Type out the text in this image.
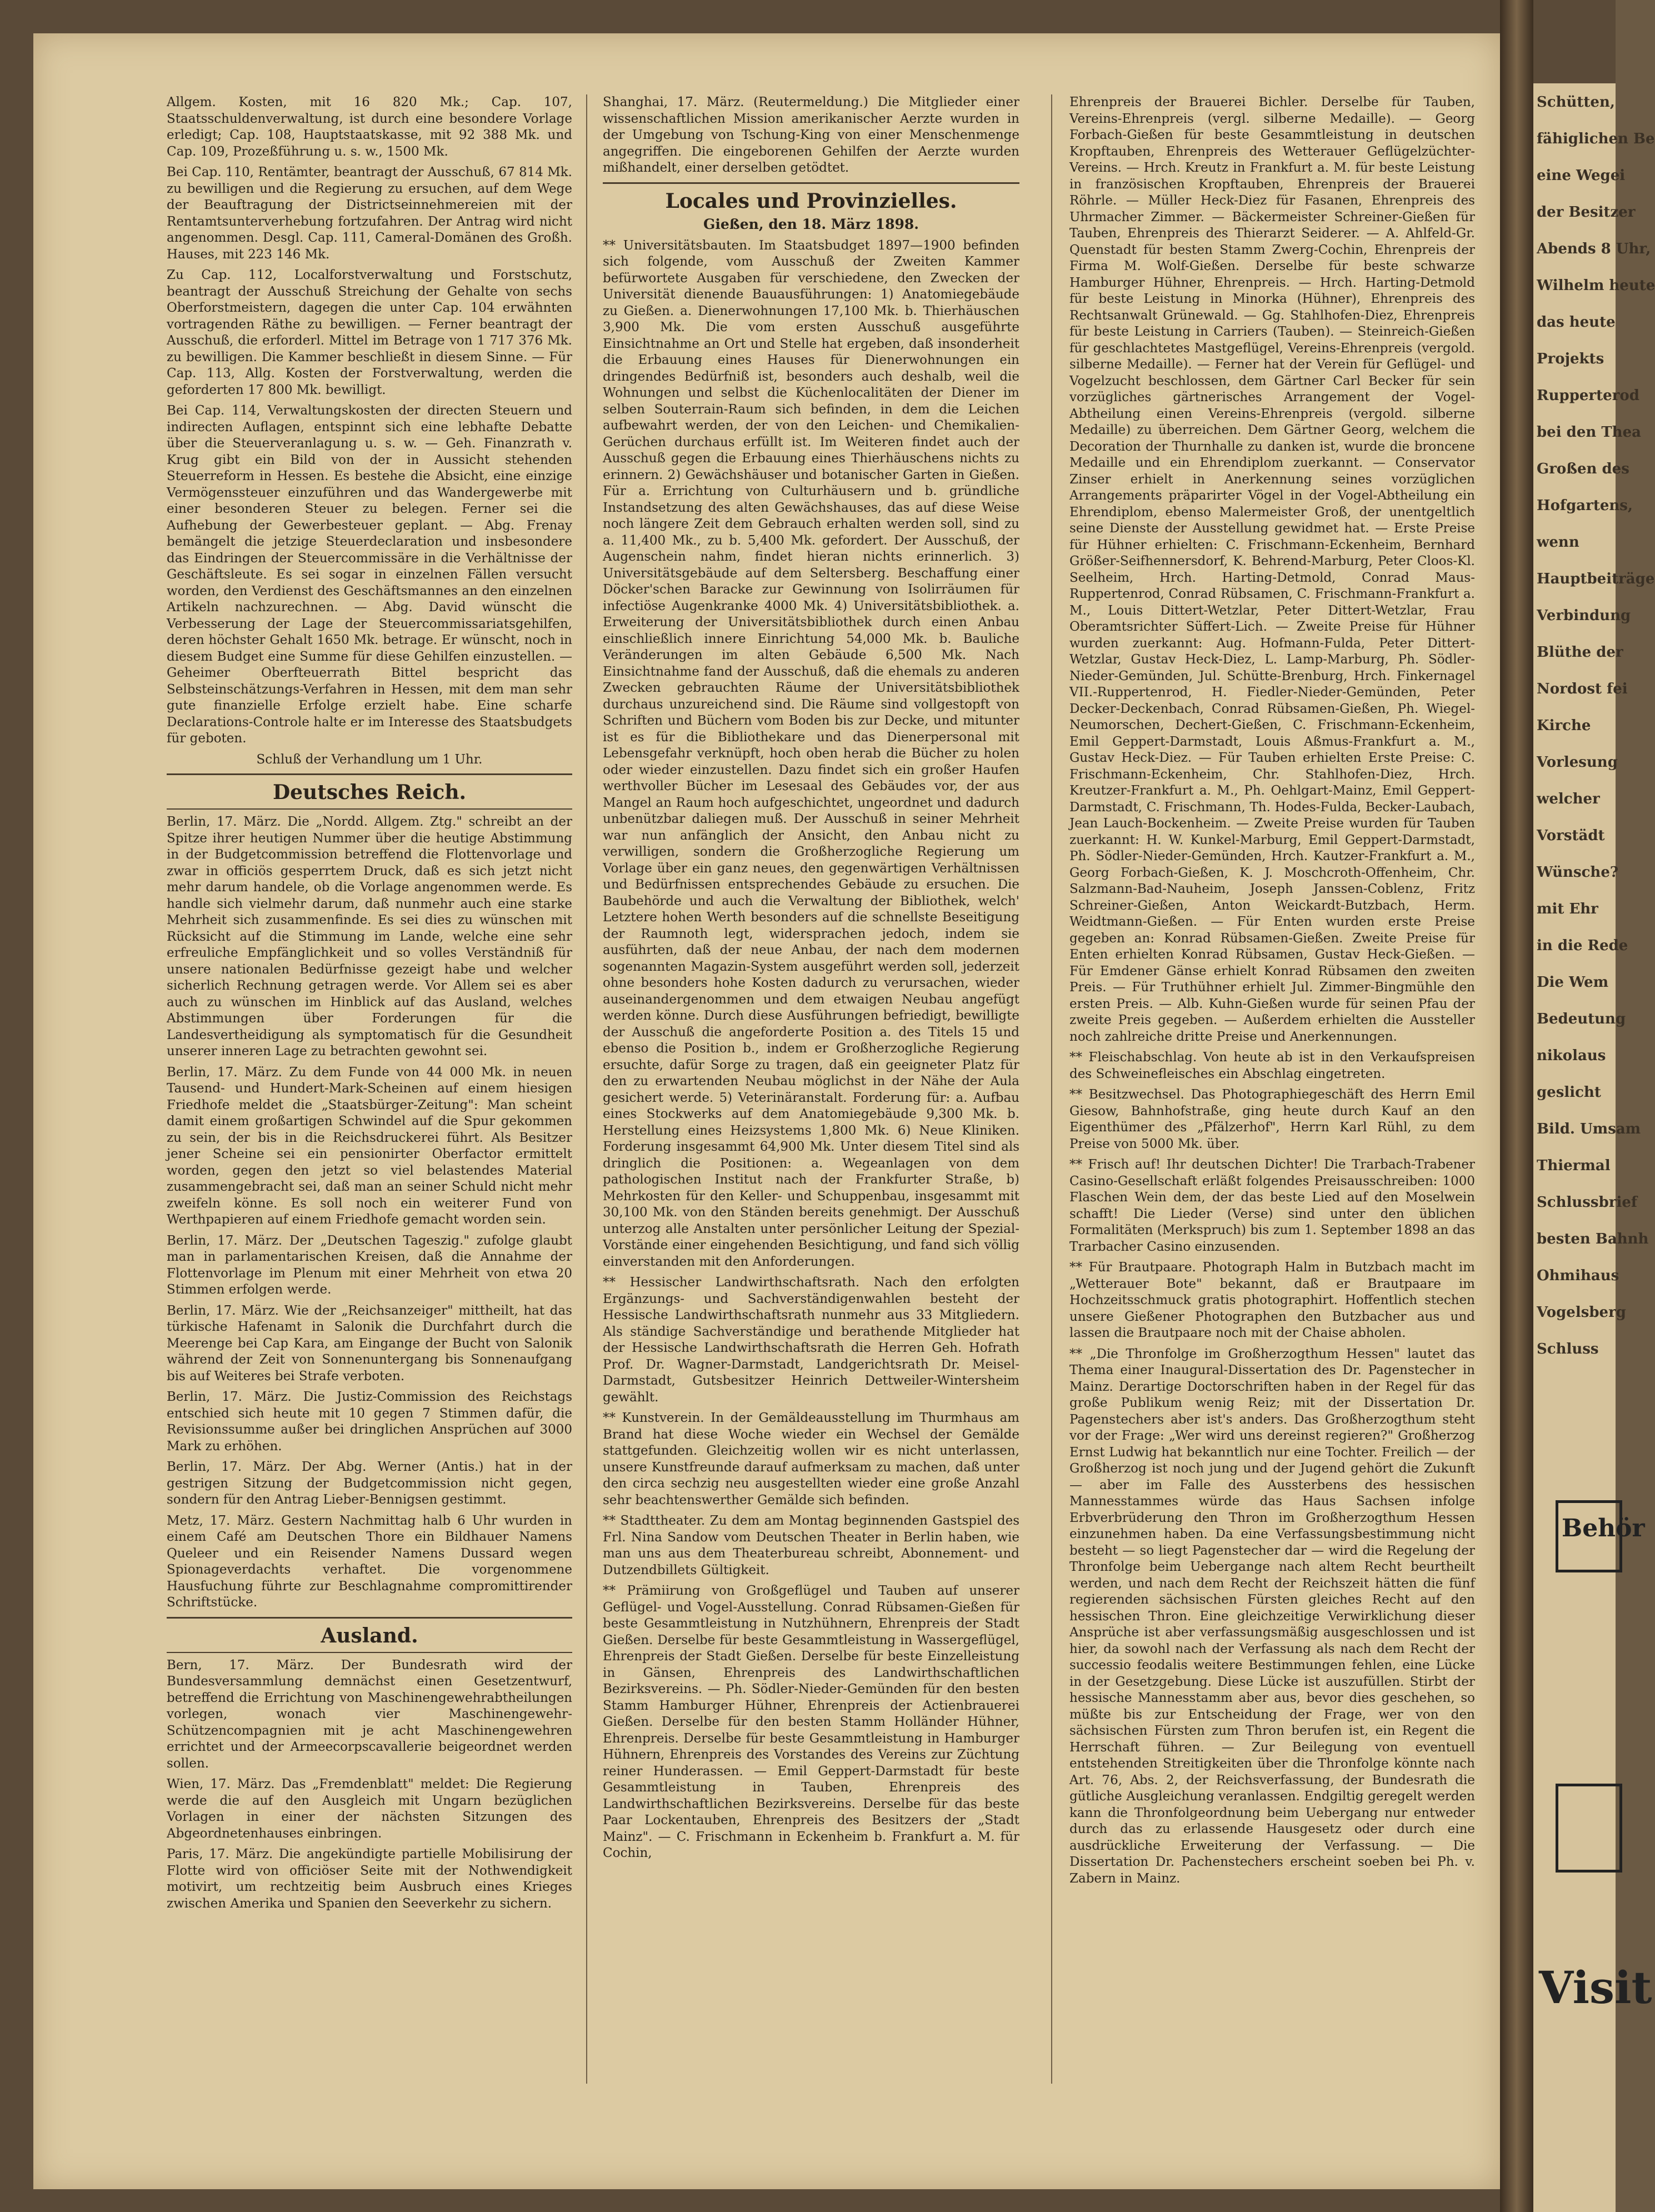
Allgem. Kosten, mit 16 820 Mk.; Cap. 107, Staatsschuldenverwaltung, ist durch eine besondere Vorlage erledigt; Cap. 108, Hauptstaatskasse, mit 92 388 Mk. und Cap. 109, Prozeßführung u. s. w., 1500 Mk.

Bei Cap. 110, Rentämter, beantragt der Ausschuß, 67 814 Mk. zu bewilligen und die Regierung zu ersuchen, auf dem Wege der Beauftragung der Districtseinnehmereien mit der Rentamtsunterverhebung fortzufahren. Der Antrag wird nicht angenommen. Desgl. Cap. 111, Cameral-Domänen des Großh. Hauses, mit 223 146 Mk.

Zu Cap. 112, Localforstverwaltung und Forstschutz, beantragt der Ausschuß Streichung der Gehalte von sechs Oberforstmeistern, dagegen die unter Cap. 104 erwähnten vortragenden Räthe zu bewilligen. — Ferner beantragt der Ausschuß, die erforderl. Mittel im Betrage von 1 717 376 Mk. zu bewilligen. Die Kammer beschließt in diesem Sinne. — Für Cap. 113, Allg. Kosten der Forstverwaltung, werden die geforderten 17 800 Mk. bewilligt.

Bei Cap. 114, Verwaltungskosten der directen Steuern und indirecten Auflagen, entspinnt sich eine lebhafte Debatte über die Steuerveranlagung u. s. w. — Geh. Finanzrath v. Krug gibt ein Bild von der in Aussicht stehenden Steuerreform in Hessen. Es bestehe die Absicht, eine einzige Vermögenssteuer einzuführen und das Wandergewerbe mit einer besonderen Steuer zu belegen. Ferner sei die Aufhebung der Gewerbesteuer geplant. — Abg. Frenay bemängelt die jetzige Steuerdeclaration und insbesondere das Eindringen der Steuercommissäre in die Verhältnisse der Geschäftsleute. Es sei sogar in einzelnen Fällen versucht worden, den Verdienst des Geschäftsmannes an den einzelnen Artikeln nachzurechnen. — Abg. David wünscht die Verbesserung der Lage der Steuercommissariatsgehilfen, deren höchster Gehalt 1650 Mk. betrage. Er wünscht, noch in diesem Budget eine Summe für diese Gehilfen einzustellen. — Geheimer Oberfteuerrath Bittel bespricht das Selbsteinschätzungs-Verfahren in Hessen, mit dem man sehr gute finanzielle Erfolge erzielt habe. Eine scharfe Declarations-Controle halte er im Interesse des Staatsbudgets für geboten.

Schluß der Verhandlung um 1 Uhr.

Deutsches Reich.

Berlin, 17. März. Die „Nordd. Allgem. Ztg." schreibt an der Spitze ihrer heutigen Nummer über die heutige Abstimmung in der Budgetcommission betreffend die Flottenvorlage und zwar in officiös gesperrtem Druck, daß es sich jetzt nicht mehr darum handele, ob die Vorlage angenommen werde. Es handle sich vielmehr darum, daß nunmehr auch eine starke Mehrheit sich zusammenfinde. Es sei dies zu wünschen mit Rücksicht auf die Stimmung im Lande, welche eine sehr erfreuliche Empfänglichkeit und so volles Verständniß für unsere nationalen Bedürfnisse gezeigt habe und welcher sicherlich Rechnung getragen werde. Vor Allem sei es aber auch zu wünschen im Hinblick auf das Ausland, welches Abstimmungen über Forderungen für die Landesvertheidigung als symptomatisch für die Gesundheit unserer inneren Lage zu betrachten gewohnt sei.

Berlin, 17. März. Zu dem Funde von 44 000 Mk. in neuen Tausend- und Hundert-Mark-Scheinen auf einem hiesigen Friedhofe meldet die „Staatsbürger-Zeitung": Man scheint damit einem großartigen Schwindel auf die Spur gekommen zu sein, der bis in die Reichsdruckerei führt. Als Besitzer jener Scheine sei ein pensionirter Oberfactor ermittelt worden, gegen den jetzt so viel belastendes Material zusammengebracht sei, daß man an seiner Schuld nicht mehr zweifeln könne. Es soll noch ein weiterer Fund von Werthpapieren auf einem Friedhofe gemacht worden sein.

Berlin, 17. März. Der „Deutschen Tageszig." zufolge glaubt man in parlamentarischen Kreisen, daß die Annahme der Flottenvorlage im Plenum mit einer Mehrheit von etwa 20 Stimmen erfolgen werde.

Berlin, 17. März. Wie der „Reichsanzeiger" mittheilt, hat das türkische Hafenamt in Salonik die Durchfahrt durch die Meerenge bei Cap Kara, am Eingange der Bucht von Salonik während der Zeit von Sonnenuntergang bis Sonnenaufgang bis auf Weiteres bei Strafe verboten.

Berlin, 17. März. Die Justiz-Commission des Reichstags entschied sich heute mit 10 gegen 7 Stimmen dafür, die Revisionssumme außer bei dringlichen Ansprüchen auf 3000 Mark zu erhöhen.

Berlin, 17. März. Der Abg. Werner (Antis.) hat in der gestrigen Sitzung der Budgetcommission nicht gegen, sondern für den Antrag Lieber-Bennigsen gestimmt.

Metz, 17. März. Gestern Nachmittag halb 6 Uhr wurden in einem Café am Deutschen Thore ein Bildhauer Namens Queleer und ein Reisender Namens Dussard wegen Spionageverdachts verhaftet. Die vorgenommene Hausfuchung führte zur Beschlagnahme compromittirender Schriftstücke.

Ausland.

Bern, 17. März. Der Bundesrath wird der Bundesversammlung demnächst einen Gesetzentwurf, betreffend die Errichtung von Maschinengewehrabtheilungen vorlegen, wonach vier Maschinengewehr-Schützencompagnien mit je acht Maschinengewehren errichtet und der Armeecorpscavallerie beigeordnet werden sollen.

Wien, 17. März. Das „Fremdenblatt" meldet: Die Regierung werde die auf den Ausgleich mit Ungarn bezüglichen Vorlagen in einer der nächsten Sitzungen des Abgeordnetenhauses einbringen.

Paris, 17. März. Die angekündigte partielle Mobilisirung der Flotte wird von officiöser Seite mit der Nothwendigkeit motivirt, um rechtzeitig beim Ausbruch eines Krieges zwischen Amerika und Spanien den Seeverkehr zu sichern.

Shanghai, 17. März. (Reutermeldung.) Die Mitglieder einer wissenschaftlichen Mission amerikanischer Aerzte wurden in der Umgebung von Tschung-King von einer Menschenmenge angegriffen. Die eingeborenen Gehilfen der Aerzte wurden mißhandelt, einer derselben getödtet.

Locales und Provinzielles.
Gießen, den 18. März 1898.

** Universitätsbauten. Im Staatsbudget 1897—1900 befinden sich folgende, vom Ausschuß der Zweiten Kammer befürwortete Ausgaben für verschiedene, den Zwecken der Universität dienende Bauausführungen: 1) Anatomiegebäude zu Gießen. a. Dienerwohnungen 17,100 Mk. b. Thierhäuschen 3,900 Mk. Die vom ersten Ausschuß ausgeführte Einsichtnahme an Ort und Stelle hat ergeben, daß insonderheit die Erbauung eines Hauses für Dienerwohnungen ein dringendes Bedürfniß ist, besonders auch deshalb, weil die Wohnungen und selbst die Küchenlocalitäten der Diener im selben Souterrain-Raum sich befinden, in dem die Leichen aufbewahrt werden, der von den Leichen- und Chemikalien-Gerüchen durchaus erfüllt ist. Im Weiteren findet auch der Ausschuß gegen die Erbauung eines Thierhäuschens nichts zu erinnern. 2) Gewächshäuser und botanischer Garten in Gießen. Für a. Errichtung von Culturhäusern und b. gründliche Instandsetzung des alten Gewächshauses, das auf diese Weise noch längere Zeit dem Gebrauch erhalten werden soll, sind zu a. 11,400 Mk., zu b. 5,400 Mk. gefordert. Der Ausschuß, der Augenschein nahm, findet hieran nichts erinnerlich. 3) Universitätsgebäude auf dem Seltersberg. Beschaffung einer Döcker'schen Baracke zur Gewinnung von Isolirräumen für infectiöse Augenkranke 4000 Mk. 4) Universitätsbibliothek. a. Erweiterung der Universitätsbibliothek durch einen Anbau einschließlich innere Einrichtung 54,000 Mk. b. Bauliche Veränderungen im alten Gebäude 6,500 Mk. Nach Einsichtnahme fand der Ausschuß, daß die ehemals zu anderen Zwecken gebrauchten Räume der Universitätsbibliothek durchaus unzureichend sind. Die Räume sind vollgestopft von Schriften und Büchern vom Boden bis zur Decke, und mitunter ist es für die Bibliothekare und das Dienerpersonal mit Lebensgefahr verknüpft, hoch oben herab die Bücher zu holen oder wieder einzustellen. Dazu findet sich ein großer Haufen werthvoller Bücher im Lesesaal des Gebäudes vor, der aus Mangel an Raum hoch aufgeschichtet, ungeordnet und dadurch unbenützbar daliegen muß. Der Ausschuß in seiner Mehrheit war nun anfänglich der Ansicht, den Anbau nicht zu verwilligen, sondern die Großherzogliche Regierung um Vorlage über ein ganz neues, den gegenwärtigen Verhältnissen und Bedürfnissen entsprechendes Gebäude zu ersuchen. Die Baubehörde und auch die Verwaltung der Bibliothek, welch' Letztere hohen Werth besonders auf die schnellste Beseitigung der Raumnoth legt, widersprachen jedoch, indem sie ausführten, daß der neue Anbau, der nach dem modernen sogenannten Magazin-System ausgeführt werden soll, jederzeit ohne besonders hohe Kosten dadurch zu verursachen, wieder auseinandergenommen und dem etwaigen Neubau angefügt werden könne. Durch diese Ausführungen befriedigt, bewilligte der Ausschuß die angeforderte Position a. des Titels 15 und ebenso die Position b., indem er Großherzogliche Regierung ersuchte, dafür Sorge zu tragen, daß ein geeigneter Platz für den zu erwartenden Neubau möglichst in der Nähe der Aula gesichert werde. 5) Veterinäranstalt. Forderung für: a. Aufbau eines Stockwerks auf dem Anatomiegebäude 9,300 Mk. b. Herstellung eines Heizsystems 1,800 Mk. 6) Neue Kliniken. Forderung insgesammt 64,900 Mk. Unter diesem Titel sind als dringlich die Positionen: a. Wegeanlagen von dem pathologischen Institut nach der Frankfurter Straße, b) Mehrkosten für den Keller- und Schuppenbau, insgesammt mit 30,100 Mk. von den Ständen bereits genehmigt. Der Ausschuß unterzog alle Anstalten unter persönlicher Leitung der Spezial-Vorstände einer eingehenden Besichtigung, und fand sich völlig einverstanden mit den Anforderungen.

** Hessischer Landwirthschaftsrath. Nach den erfolgten Ergänzungs- und Sachverständigenwahlen besteht der Hessische Landwirthschaftsrath nunmehr aus 33 Mitgliedern. Als ständige Sachverständige und berathende Mitglieder hat der Hessische Landwirthschaftsrath die Herren Geh. Hofrath Prof. Dr. Wagner-Darmstadt, Landgerichtsrath Dr. Meisel-Darmstadt, Gutsbesitzer Heinrich Dettweiler-Wintersheim gewählt.

** Kunstverein. In der Gemäldeausstellung im Thurmhaus am Brand hat diese Woche wieder ein Wechsel der Gemälde stattgefunden. Gleichzeitig wollen wir es nicht unterlassen, unsere Kunstfreunde darauf aufmerksam zu machen, daß unter den circa sechzig neu ausgestellten wieder eine große Anzahl sehr beachtenswerther Gemälde sich befinden.

** Stadttheater. Zu dem am Montag beginnenden Gastspiel des Frl. Nina Sandow vom Deutschen Theater in Berlin haben, wie man uns aus dem Theaterbureau schreibt, Abonnement- und Dutzendbillets Gültigkeit.

** Prämiirung von Großgeflügel und Tauben auf unserer Geflügel- und Vogel-Ausstellung. Conrad Rübsamen-Gießen für beste Gesammtleistung in Nutzhühnern, Ehrenpreis der Stadt Gießen. Derselbe für beste Gesammtleistung in Wassergeflügel, Ehrenpreis der Stadt Gießen. Derselbe für beste Einzelleistung in Gänsen, Ehrenpreis des Landwirthschaftlichen Bezirksvereins. — Ph. Södler-Nieder-Gemünden für den besten Stamm Hamburger Hühner, Ehrenpreis der Actienbrauerei Gießen. Derselbe für den besten Stamm Holländer Hühner, Ehrenpreis. Derselbe für beste Gesammtleistung in Hamburger Hühnern, Ehrenpreis des Vorstandes des Vereins zur Züchtung reiner Hunderassen. — Emil Geppert-Darmstadt für beste Gesammtleistung in Tauben, Ehrenpreis des Landwirthschaftlichen Bezirksvereins. Derselbe für das beste Paar Lockentauben, Ehrenpreis des Besitzers der „Stadt Mainz". — C. Frischmann in Eckenheim b. Frankfurt a. M. für Cochin,

Ehrenpreis der Brauerei Bichler. Derselbe für Tauben, Vereins-Ehrenpreis (vergl. silberne Medaille). — Georg Forbach-Gießen für beste Gesammtleistung in deutschen Kropftauben, Ehrenpreis des Wetterauer Geflügelzüchter-Vereins. — Hrch. Kreutz in Frankfurt a. M. für beste Leistung in französischen Kropftauben, Ehrenpreis der Brauerei Röhrle. — Müller Heck-Diez für Fasanen, Ehrenpreis des Uhrmacher Zimmer. — Bäckermeister Schreiner-Gießen für Tauben, Ehrenpreis des Thierarzt Seiderer. — A. Ahlfeld-Gr. Quenstadt für besten Stamm Zwerg-Cochin, Ehrenpreis der Firma M. Wolf-Gießen. Derselbe für beste schwarze Hamburger Hühner, Ehrenpreis. — Hrch. Harting-Detmold für beste Leistung in Minorka (Hühner), Ehrenpreis des Rechtsanwalt Grünewald. — Gg. Stahlhofen-Diez, Ehrenpreis für beste Leistung in Carriers (Tauben). — Steinreich-Gießen für geschlachtetes Mastgeflügel, Vereins-Ehrenpreis (vergold. silberne Medaille). — Ferner hat der Verein für Geflügel- und Vogelzucht beschlossen, dem Gärtner Carl Becker für sein vorzügliches gärtnerisches Arrangement der Vogel-Abtheilung einen Vereins-Ehrenpreis (vergold. silberne Medaille) zu überreichen. Dem Gärtner Georg, welchem die Decoration der Thurnhalle zu danken ist, wurde die broncene Medaille und ein Ehrendiplom zuerkannt. — Conservator Zinser erhielt in Anerkennung seines vorzüglichen Arrangements präparirter Vögel in der Vogel-Abtheilung ein Ehrendiplom, ebenso Malermeister Groß, der unentgeltlich seine Dienste der Ausstellung gewidmet hat. — Erste Preise für Hühner erhielten: C. Frischmann-Eckenheim, Bernhard Größer-Seifhennersdorf, K. Behrend-Marburg, Peter Cloos-Kl. Seelheim, Hrch. Harting-Detmold, Conrad Maus-Ruppertenrod, Conrad Rübsamen, C. Frischmann-Frankfurt a. M., Louis Dittert-Wetzlar, Peter Dittert-Wetzlar, Frau Oberamtsrichter Süffert-Lich. — Zweite Preise für Hühner wurden zuerkannt: Aug. Hofmann-Fulda, Peter Dittert-Wetzlar, Gustav Heck-Diez, L. Lamp-Marburg, Ph. Södler-Nieder-Gemünden, Jul. Schütte-Brenburg, Hrch. Finkernagel VII.-Ruppertenrod, H. Fiedler-Nieder-Gemünden, Peter Decker-Deckenbach, Conrad Rübsamen-Gießen, Ph. Wiegel-Neumorschen, Dechert-Gießen, C. Frischmann-Eckenheim, Emil Geppert-Darmstadt, Louis Aßmus-Frankfurt a. M., Gustav Heck-Diez. — Für Tauben erhielten Erste Preise: C. Frischmann-Eckenheim, Chr. Stahlhofen-Diez, Hrch. Kreutzer-Frankfurt a. M., Ph. Oehlgart-Mainz, Emil Geppert-Darmstadt, C. Frischmann, Th. Hodes-Fulda, Becker-Laubach, Jean Lauch-Bockenheim. — Zweite Preise wurden für Tauben zuerkannt: H. W. Kunkel-Marburg, Emil Geppert-Darmstadt, Ph. Södler-Nieder-Gemünden, Hrch. Kautzer-Frankfurt a. M., Georg Forbach-Gießen, K. J. Moschcroth-Offenheim, Chr. Salzmann-Bad-Nauheim, Joseph Janssen-Coblenz, Fritz Schreiner-Gießen, Anton Weickardt-Butzbach, Herm. Weidtmann-Gießen. — Für Enten wurden erste Preise gegeben an: Konrad Rübsamen-Gießen. Zweite Preise für Enten erhielten Konrad Rübsamen, Gustav Heck-Gießen. — Für Emdener Gänse erhielt Konrad Rübsamen den zweiten Preis. — Für Truthühner erhielt Jul. Zimmer-Bingmühle den ersten Preis. — Alb. Kuhn-Gießen wurde für seinen Pfau der zweite Preis gegeben. — Außerdem erhielten die Aussteller noch zahlreiche dritte Preise und Anerkennungen.

** Fleischabschlag. Von heute ab ist in den Verkaufspreisen des Schweinefleisches ein Abschlag eingetreten.

** Besitzwechsel. Das Photographiegeschäft des Herrn Emil Giesow, Bahnhofstraße, ging heute durch Kauf an den Eigenthümer des „Pfälzerhof", Herrn Karl Rühl, zu dem Preise von 5000 Mk. über.

** Frisch auf! Ihr deutschen Dichter! Die Trarbach-Trabener Casino-Gesellschaft erläßt folgendes Preisausschreiben: 1000 Flaschen Wein dem, der das beste Lied auf den Moselwein schafft! Die Lieder (Verse) sind unter den üblichen Formalitäten (Merkspruch) bis zum 1. September 1898 an das Trarbacher Casino einzusenden.

** Für Brautpaare. Photograph Halm in Butzbach macht im „Wetterauer Bote" bekannt, daß er Brautpaare im Hochzeitsschmuck gratis photographirt. Hoffentlich stechen unsere Gießener Photographen den Butzbacher aus und lassen die Brautpaare noch mit der Chaise abholen.

** „Die Thronfolge im Großherzogthum Hessen" lautet das Thema einer Inaugural-Dissertation des Dr. Pagenstecher in Mainz. Derartige Doctorschriften haben in der Regel für das große Publikum wenig Reiz; mit der Dissertation Dr. Pagenstechers aber ist's anders. Das Großherzogthum steht vor der Frage: „Wer wird uns dereinst regieren?" Großherzog Ernst Ludwig hat bekanntlich nur eine Tochter. Freilich — der Großherzog ist noch jung und der Jugend gehört die Zukunft — aber im Falle des Aussterbens des hessischen Mannesstammes würde das Haus Sachsen infolge Erbverbrüderung den Thron im Großherzogthum Hessen einzunehmen haben. Da eine Verfassungsbestimmung nicht besteht — so liegt Pagenstecher dar — wird die Regelung der Thronfolge beim Uebergange nach altem Recht beurtheilt werden, und nach dem Recht der Reichszeit hätten die fünf regierenden sächsischen Fürsten gleiches Recht auf den hessischen Thron. Eine gleichzeitige Verwirklichung dieser Ansprüche ist aber verfassungsmäßig ausgeschlossen und ist hier, da sowohl nach der Verfassung als nach dem Recht der successio feodalis weitere Bestimmungen fehlen, eine Lücke in der Gesetzgebung. Diese Lücke ist auszufüllen. Stirbt der hessische Mannesstamm aber aus, bevor dies geschehen, so müßte bis zur Entscheidung der Frage, wer von den sächsischen Fürsten zum Thron berufen ist, ein Regent die Herrschaft führen. — Zur Beilegung von eventuell entstehenden Streitigkeiten über die Thronfolge könnte nach Art. 76, Abs. 2, der Reichsverfassung, der Bundesrath die gütliche Ausgleichung veranlassen. Endgiltig geregelt werden kann die Thronfolgeordnung beim Uebergang nur entweder durch das zu erlassende Hausgesetz oder durch eine ausdrückliche Erweiterung der Verfassung. — Die Dissertation Dr. Pachenstechers erscheint soeben bei Ph. v. Zabern in Mainz.

Schütten,
fähiglichen Be
eine Wegei
der Besitzer
Abends 8 Uhr,
Wilhelm heute
das heute
Projekts
Rupperterod
bei den Thea
Großen des
Hofgartens,
wenn
Hauptbeiträge
Verbindung
Blüthe der
Nordost fei
Kirche
Vorlesung
welcher
Vorstädt
Wünsche?
mit Ehr
in die Rede
Die Wem
Bedeutung
nikolaus
geslicht
Bild. Umsam
Thiermal
Schlussbrief
besten Bahnh
Ohmihaus
Vogelsberg
Schluss
Behör
Visit
